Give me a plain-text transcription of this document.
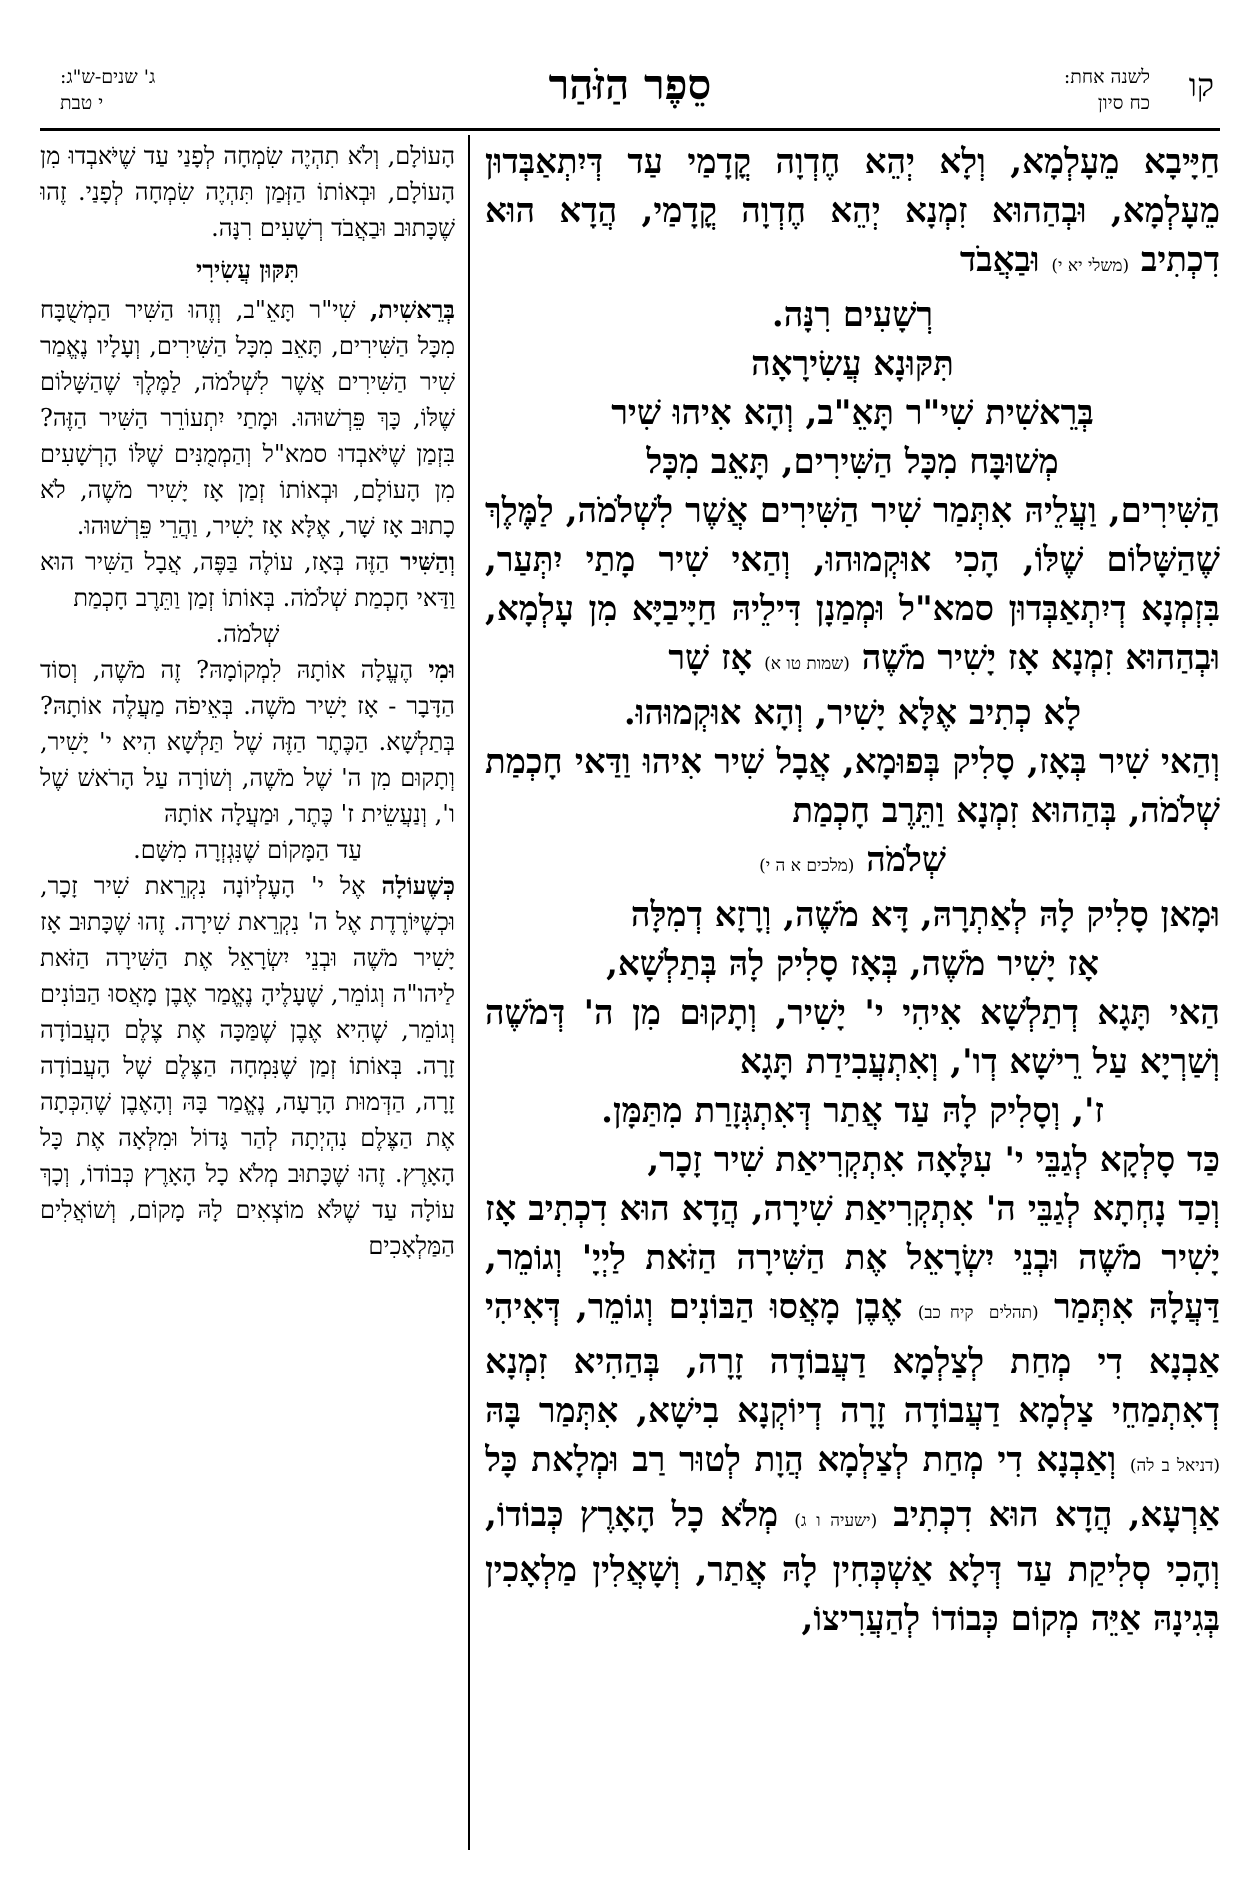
קו
לשנה אחת:
כח סיון
סֵפֶר הַזֹּהַר
ג' שנים-ש"ג:
י טבת

חַיָּיבָא מֵעָלְמָא, וְלָא יְהֵא חֶדְוָה קֳדָמַי עַד דְּיִתְאַבְּדוּן מֵעָלְמָא, וּבְהַהוּא זִמְנָא יְהֵא חֶדְוָה קֳדָמַי, הֲדָא הוּא דִכְתִיב (משלי יא י) וּבַאֲבֹד

רְשָׁעִים רִנָּה.

תִּקּוּנָא עֲשִׂירָאָה

בְּרֵאשִׁית שִׁי"ר תָּאֵ"ב, וְהָא אִיהוּ שִׁיר

מְשׁוּבָּח מִכָּל הַשִּׁירִים, תָּאֵב מִכָּל

הַשִּׁירִים, וַעֲלֵיהּ אִתְּמַר שִׁיר הַשִּׁירִים אֲשֶׁר לִשְׁלֹמֹה, לַמֶּלֶךְ שֶׁהַשָּׁלוֹם שֶׁלּוֹ, הָכִי אוּקְמוּהוּ, וְהַאי שִׁיר מָתַי יִתְּעַר, בִּזְמְנָא דְיִתְאַבְּדוּן סמא"ל וּמְמַנָן דִּילֵיהּ חַיָּיבַיָּא מִן עָלְמָא, וּבְהַהוּא זִמְנָא אָז יָשִׁיר מֹשֶׁה (שמות טו א) אָז שָׁר

לָא כְתִיב אֶלָּא יָשִׁיר, וְהָא אוּקְמוּהוּ.

וְהַאי שִׁיר בְּאָז, סָלִיק בְּפוּמָא, אֲבָל שִׁיר אִיהוּ וַדַּאי חָכְמַת שְׁלֹמֹה, בְּהַהוּא זִמְנָא וַתֵּרֶב חָכְמַת

שְׁלֹמֹה (מלכים א ה י)

וּמָאן סָלִיק לָהּ לְאַתְרָהּ, דָּא מֹשֶׁה, וְרָזָא דְמִלָּה

אָז יָשִׁיר מֹשֶׁה, בְּאָז סָלִיק לָהּ בְּתַלְשָׁא,

הַאי תָּגָא דְתַלְשָׁא אִיהִי י' יָשִׁיר, וְתָקוּם מִן ה' דְּמֹשֶׁה וְשַׁרְיָא עַל רֵישָׁא דְו', וְאִתְעֲבִידַת תָּגָא

ז', וְסָלִיק לָהּ עַד אֲתַר דְּאִתְגְּזָרַת מִתַּמָּן.

כַּד סָלְקָא לְגַבֵּי י' עִלָּאָה אִתְקְרִיאַת שִׁיר זָכָר,

וְכַד נָחְתָא לְגַבֵּי ה' אִתְקְרִיאַת שִׁירָה, הֲדָא הוּא דִכְתִיב אָז יָשִׁיר מֹשֶׁה וּבְנֵי יִשְׂרָאֵל אֶת הַשִּׁירָה הַזֹּאת לַיְיָ' וְגוֹמֵר, דַּעֲלָהּ אִתְּמַר (תהלים קיח כב) אֶבֶן מָאֲסוּ הַבּוֹנִים וְגוֹמֵר, דְּאִיהִי אַבְנָא דִי מְחַת לְצַלְמָא דַעֲבוֹדָה זָרָה, בְּהַהִיא זִמְנָא דְאִתְמַחֵי צַלְמָא דַעֲבוֹדָה זָרָה דְיוֹקְנָא בִישָׁא, אִתְּמַר בָּהּ (דניאל ב לה) וְאַבְנָא דִי מְחַת לְצַלְמָא הֲוָת לְטוּר רַב וּמְלָאת כָּל אַרְעָא, הֲדָא הוּא דִכְתִיב (ישעיה ו ג) מְלֹא כָל הָאָרֶץ כְּבוֹדוֹ, וְהָכִי סְלִיקַת עַד דְּלָא אַשְׁכְּחִין לָהּ אֲתַר, וְשָׁאֲלִין מַלְאָכִין בְּגִינָהּ אַיֵּה מְקוֹם כְּבוֹדוֹ לְהַעֲרִיצוֹ,

הָעוֹלָם, וְלֹא תִהְיֶה שִׂמְחָה לְפָנַי עַד שֶׁיֹּאבְדוּ מִן הָעוֹלָם, וּבְאוֹתוֹ הַזְּמַן תִּהְיֶה שִׂמְחָה לְפָנַי. זֶהוּ שֶׁכָּתוּב וּבַאֲבֹד רְשָׁעִים רִנָּה.

תִּקּוּן עֲשִׂירִי

בְּרֵאשִׁית, שִׁי"ר תָּאֵ"ב, וְזֶהוּ הַשִּׁיר הַמְשֻׁבָּח מִכָּל הַשִּׁירִים, תָּאֵב מִכָּל הַשִּׁירִים, וְעָלָיו נֶאֱמַר שִׁיר הַשִּׁירִים אֲשֶׁר לִשְׁלֹמֹה, לַמֶּלֶךְ שֶׁהַשָּׁלוֹם שֶׁלּוֹ, כָּךְ פֵּרְשׁוּהוּ. וּמָתַי יִתְעוֹרֵר הַשִּׁיר הַזֶּה? בִּזְמַן שֶׁיֹּאבְדוּ סמא"ל וְהַמְמֻנִּים שֶׁלּוֹ הָרְשָׁעִים מִן הָעוֹלָם, וּבְאוֹתוֹ זְמַן אָז יָשִׁיר מֹשֶׁה, לֹא כָתוּב אָז שָׁר, אֶלָּא אָז יָשִׁיר, וַהֲרֵי פֵּרְשׁוּהוּ.

וְהַשִּׁיר הַזֶּה בְּאָז, עוֹלֶה בַּפֶּה, אֲבָל הַשִּׁיר הוּא וַדַּאי חָכְמַת שְׁלֹמֹה. בְּאוֹתוֹ זְמַן וַתֵּרֶב חָכְמַת

שְׁלֹמֹה.

וּמִי הֶעֱלָה אוֹתָהּ לִמְקוֹמָהּ? זֶה מֹשֶׁה, וְסוֹד הַדָּבָר - אָז יָשִׁיר מֹשֶׁה. בְּאֵיפֹה מַעֲלֶה אוֹתָהּ? בְּתַלְשָׁא. הַכֶּתֶר הַזֶּה שֶׁל תַּלְשָׁא הִיא י' יָשִׁיר, וְתָקוּם מִן ה' שֶׁל מֹשֶׁה, וְשׁוֹרָה עַל הָרֹאשׁ שֶׁל ו', וְנַעֲשֵׂית ז' כֶּתֶר, וּמַעֲלָה אוֹתָהּ

עַד הַמָּקוֹם שֶׁנִּגְזְרָה מִשָּׁם.

כְּשֶׁעוֹלָה אֶל י' הָעֶלְיוֹנָה נִקְרֵאת שִׁיר זָכָר, וּכְשֶׁיּוֹרֶדֶת אֶל ה' נִקְרֵאת שִׁירָה. זֶהוּ שֶׁכָּתוּב אָז יָשִׁיר מֹשֶׁה וּבְנֵי יִשְׂרָאֵל אֶת הַשִּׁירָה הַזֹּאת לַיהו"ה וְגוֹמֵר, שֶׁעָלֶיהָ נֶאֱמַר אֶבֶן מָאֲסוּ הַבּוֹנִים וְגוֹמֵר, שֶׁהִיא אֶבֶן שֶׁמַּכָּה אֶת צֶלֶם הָעֲבוֹדָה זָרָה. בְּאוֹתוֹ זְמַן שֶׁנִּמְחָה הַצֶּלֶם שֶׁל הָעֲבוֹדָה זָרָה, הַדְּמוּת הָרָעָה, נֶאֱמַר בָּהּ וְהָאֶבֶן שֶׁהִכְּתָה אֶת הַצֶּלֶם נִהְיְתָה לְהַר גָּדוֹל וּמִלְּאָה אֶת כָּל הָאָרֶץ. זֶהוּ שֶׁכָּתוּב מְלֹא כָל הָאָרֶץ כְּבוֹדוֹ, וְכָךְ עוֹלָה עַד שֶׁלֹּא מוֹצְאִים לָהּ מָקוֹם, וְשׁוֹאֲלִים הַמַּלְאָכִים
